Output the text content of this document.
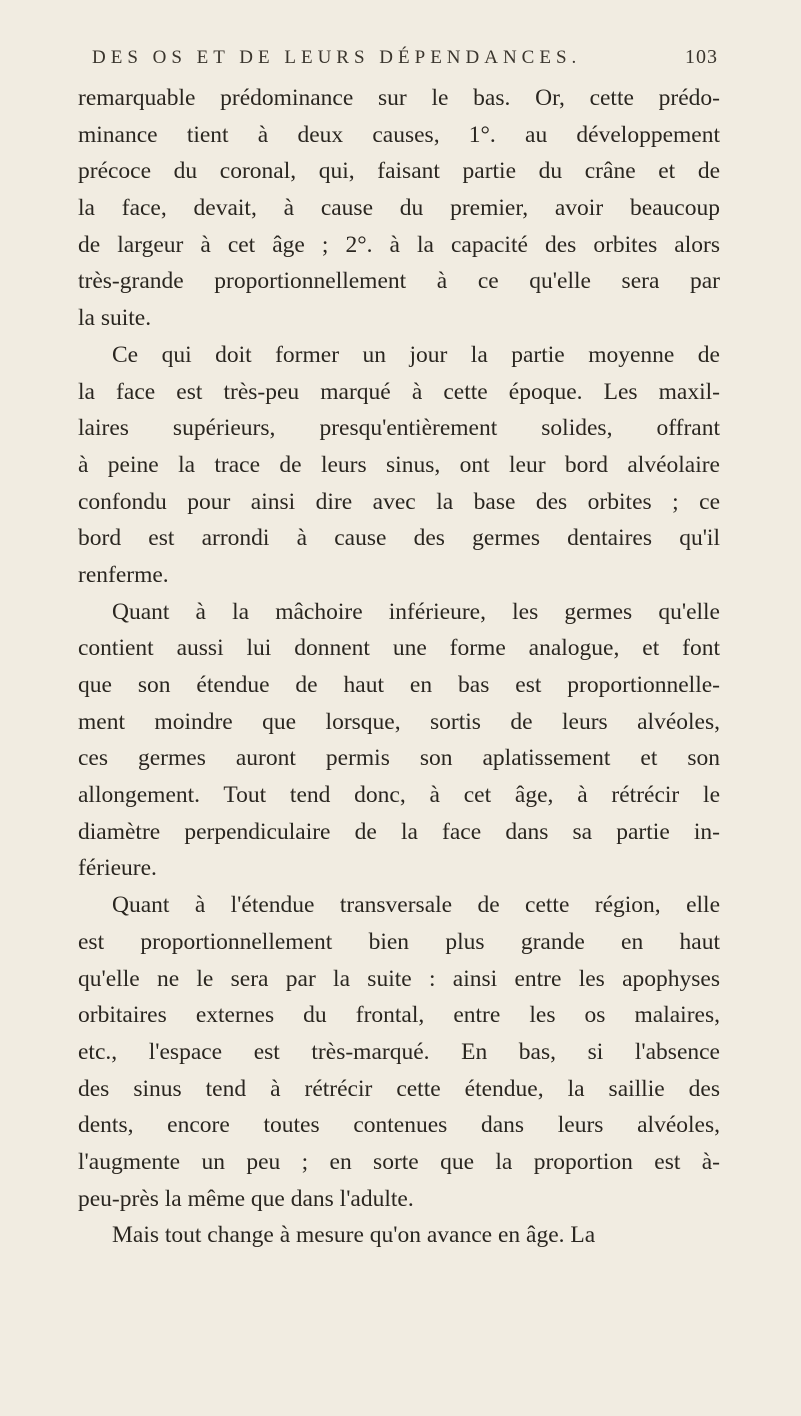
DES OS ET DE LEURS DÉPENDANCES.	103
remarquable prédominance sur le bas. Or, cette prédo-
minance tient à deux causes, 1°. au développement
précoce du coronal, qui, faisant partie du crâne et de
la face, devait, à cause du premier, avoir beaucoup
de largeur à cet âge ; 2°. à la capacité des orbites alors
très-grande proportionnellement à ce qu'elle sera par
la suite.
Ce qui doit former un jour la partie moyenne de
la face est très-peu marqué à cette époque. Les maxil-
laires supérieurs, presqu'entièrement solides, offrant
à peine la trace de leurs sinus, ont leur bord alvéolaire
confondu pour ainsi dire avec la base des orbites ; ce
bord est arrondi à cause des germes dentaires qu'il
renferme.
Quant à la mâchoire inférieure, les germes qu'elle
contient aussi lui donnent une forme analogue, et font
que son étendue de haut en bas est proportionnelle-
ment moindre que lorsque, sortis de leurs alvéoles,
ces germes auront permis son aplatissement et son
allongement. Tout tend donc, à cet âge, à rétrécir le
diamètre perpendiculaire de la face dans sa partie in-
férieure.
Quant à l'étendue transversale de cette région, elle
est proportionnellement bien plus grande en haut
qu'elle ne le sera par la suite : ainsi entre les apophyses
orbitaires externes du frontal, entre les os malaires,
etc., l'espace est très-marqué. En bas, si l'absence
des sinus tend à rétrécir cette étendue, la saillie des
dents, encore toutes contenues dans leurs alvéoles,
l'augmente un peu ; en sorte que la proportion est à-
peu-près la même que dans l'adulte.
Mais tout change à mesure qu'on avance en âge. La
